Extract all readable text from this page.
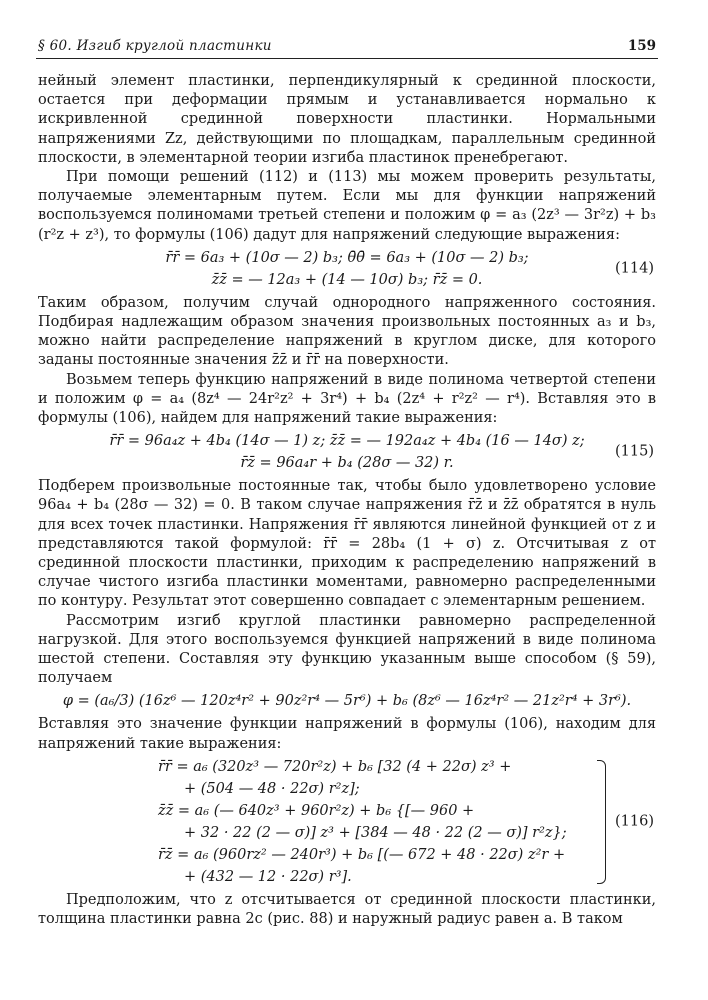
§ 60. Изгиб круглой пластинки	159

нейный элемент пластинки, перпендикулярный к срединной плоскости, остается при деформации прямым и устанавливается нормально к искривленной срединной поверхности пластинки. Нормальными напряжениями Zz, действующими по площадкам, параллельным срединной плоскости, в элементарной теории изгиба пластинок пренебрегают.

При помощи решений (112) и (113) мы можем проверить результаты, получаемые элементарным путем. Если мы для функции напряжений воспользуемся полиномами третьей степени и положим φ = a₃ (2z³ — 3r²z) + b₃ (r²z + z³), то формулы (106) дадут для напряжений следующие выражения:

r̄r̄ = 6a₃ + (10σ — 2) b₃; θ̄θ̄ = 6a₃ + (10σ — 2) b₃;
z̄z̄ = — 12a₃ + (14 — 10σ) b₃; r̄z̄ = 0.
(114)

Таким образом, получим случай однородного напряженного состояния. Подбирая надлежащим образом значения произвольных постоянных a₃ и b₃, можно найти распределение напряжений в круглом диске, для которого заданы постоянные значения z̄z̄ и r̄r̄ на поверхности.

Возьмем теперь функцию напряжений в виде полинома четвертой степени и положим φ = a₄ (8z⁴ — 24r²z² + 3r⁴) + b₄ (2z⁴ + r²z² — r⁴). Вставляя это в формулы (106), найдем для напряжений такие выражения:

r̄r̄ = 96a₄z + 4b₄ (14σ — 1) z; z̄z̄ = — 192a₄z + 4b₄ (16 — 14σ) z;
r̄z̄ = 96a₄r + b₄ (28σ — 32) r.
(115)

Подберем произвольные постоянные так, чтобы было удовлетворено условие 96a₄ + b₄ (28σ — 32) = 0. В таком случае напряжения r̄z̄ и z̄z̄ обратятся в нуль для всех точек пластинки. Напряжения r̄r̄ являются линейной функцией от z и представляются такой формулой: r̄r̄ = 28b₄ (1 + σ) z. Отсчитывая z от срединной плоскости пластинки, приходим к распределению напряжений в случае чистого изгиба пластинки моментами, равномерно распределенными по контуру. Результат этот совершенно совпадает с элементарным решением.

Рассмотрим изгиб круглой пластинки равномерно распределенной нагрузкой. Для этого воспользуемся функцией напряжений в виде полинома шестой степени. Составляя эту функцию указанным выше способом (§ 59), получаем

φ = (a₆/3) (16z⁶ — 120z⁴r² + 90z²r⁴ — 5r⁶) + b₆ (8z⁶ — 16z⁴r² — 21z²r⁴ + 3r⁶).

Вставляя это значение функции напряжений в формулы (106), находим для напряжений такие выражения:

r̄r̄ = a₆ (320z³ — 720r²z) + b₆ [32 (4 + 22σ) z³ +
+ (504 — 48 · 22σ) r²z];
z̄z̄ = a₆ (— 640z³ + 960r²z) + b₆ {[— 960 +
+ 32 · 22 (2 — σ)] z³ + [384 — 48 · 22 (2 — σ)] r²z};
r̄z̄ = a₆ (960rz² — 240r³) + b₆ [(— 672 + 48 · 22σ) z²r +
+ (432 — 12 · 22σ) r³].
(116)

Предположим, что z отсчитывается от срединной плоскости пластинки, толщина пластинки равна 2c (рис. 88) и наружный радиус равен a. В таком
